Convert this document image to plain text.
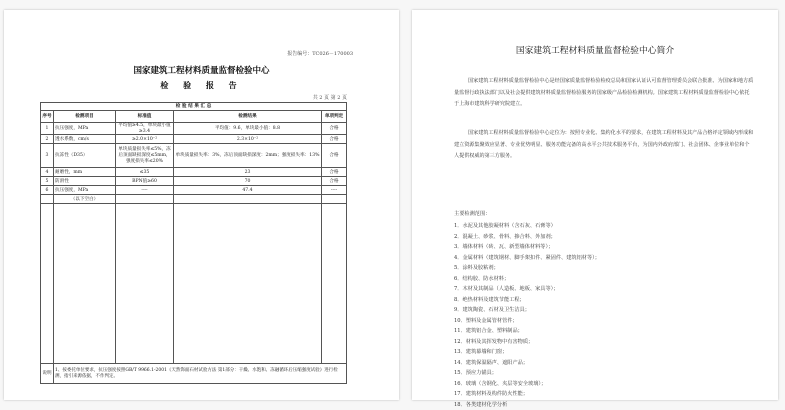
报告编号：TC026－170003
国家建筑工程材料质量监督检验中心
检 验 报 告
共 2 页 第 2 页
检 验 结 果 汇 总				
序号	检测项目	标准值	检测结果	单项判定
1	抗压强度，MPa	平均值≥4.5，单块最小值≥3.4	平均值：9.6，单块最小值：8.8	合格
2	透水系数，cm/s	≥2.0×10⁻²	2.3×10⁻²	合格
3	抗冻性（D35）	单块质量损失率≤5%，冻后顶面缺损深度≤5mm，强度损失率≤20%	单块质量损失率：3%，冻后顶面缺损深度：2mm；强度损失率：13%	合格
4	耐磨性，mm	≤35	23	合格
5	防滑性	BPN值≥60	70	合格
6	抗压强度，MPa	----	47.4	----
	（以下空白）			

说明	1、按委托单位要求，抗压强度按照GB/T 9966.1-2001《天然饰面石材试验方法 第1部分：干燥、水饱和、冻融循环后压缩强度试验》进行检测，指引来源依据，不作判定。			
国家建筑工程材料质量监督检验中心简介

国家建筑工程材料质量监督检验中心是经国家质量监督检验检疫总局和国家认证认可监督管理委员会联合批准、为国家和地方质量监督行政执法部门以及社会提供建筑材料质量监督检验服务的国家级产品检验检测机构。国家建筑工程材料质量监督检验中心依托于上海市建筑科学研究院建立。

国家建筑工程材料质量监督检验中心定位为：按照专业化、集约化水平的要求，在建筑工程材料及其产品合格评定领域内形成和建立资源集聚效应显著、专业优势明显、服务功能完备的高水平公共技术服务平台，为国内外政府部门、社会团体、企事业单位和个人提供权威的第三方服务。

主要检测范围：
1．水泥及其他胶凝材料（含石灰、石膏等）
2．混凝土、砂浆、骨料、掺合料、外加剂；
3．墙体材料（砖、瓦、新型墙体材料等）；
4．金属材料（建筑钢材、脚手架扣件、紧固件、建筑铝材等）；
5．涂料及胶粘剂；
6．结构胶、防水材料；
7．木材及其制品（人造板、地板、家具等）；
8．绝热材料及建筑节能工程；
9．建筑陶瓷、石材及卫生洁具；
10．塑料及金属管材管件；
11．建筑铝合金、塑料制品；
12．材料及其挥发物中有害物质；
13．建筑幕墙和门窗；
14．建筑保温隔声、遮阳产品；
15．预应力锚具；
16．玻璃（含钢化、夹层等安全玻璃）；
17．建筑材料及构件防火性能；
18．各类建材化学分析
